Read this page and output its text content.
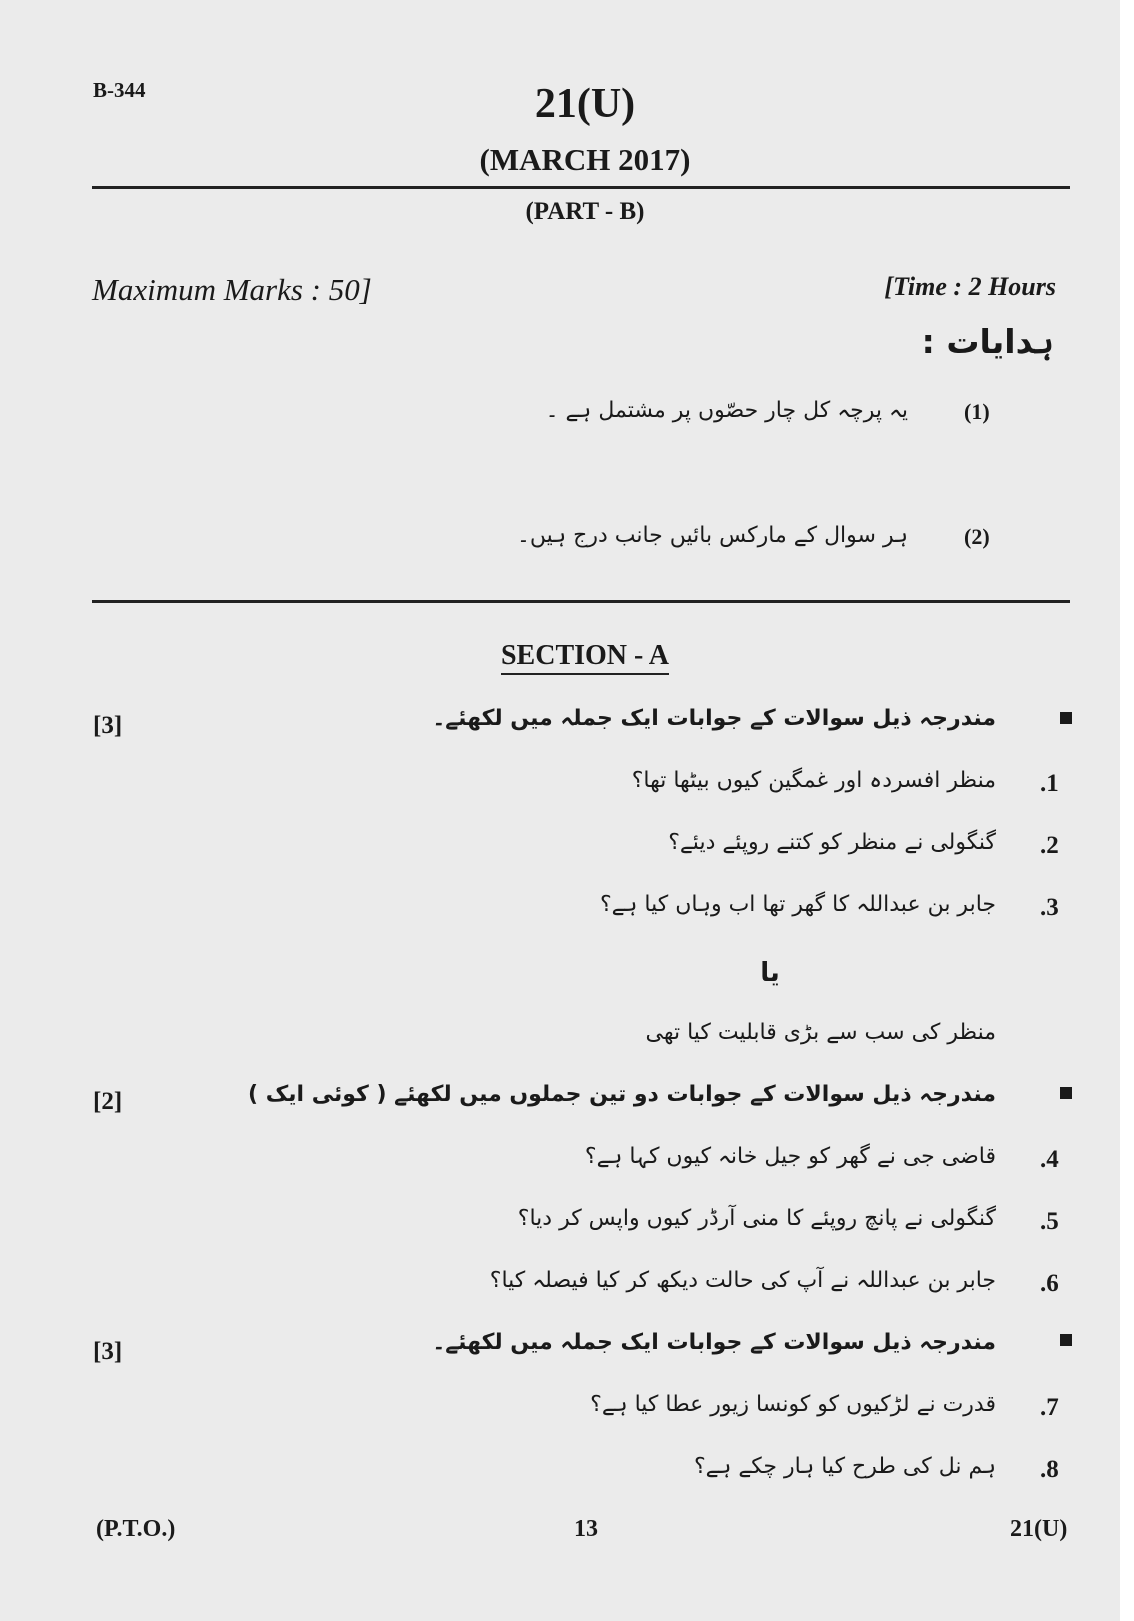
B-344	21(U)
(MARCH 2017)
(PART - B)
Maximum Marks : 50]	[Time : 2 Hours
ہدایات :
(1)
یہ پرچہ کل چار حصّوں پر مشتمل ہے ۔
(2)
ہر سوال کے مارکس بائیں جانب درج ہیں۔
SECTION - A
[3]	مندرجہ ذیل سوالات کے جوابات ایک جملہ میں لکھئے۔
.1
منظر افسردہ اور غمگین کیوں بیٹھا تھا؟
.2
گنگولی نے منظر کو کتنے روپئے دیئے؟
.3
جابر بن عبداللہ کا گھر تھا اب وہاں کیا ہے؟
یا
منظر کی سب سے بڑی قابلیت کیا تھی
[2]	مندرجہ ذیل سوالات کے جوابات دو تین جملوں میں لکھئے ( کوئی ایک )
.4
قاضی جی نے گھر کو جیل خانہ کیوں کہا ہے؟
.5
گنگولی نے پانچ روپئے کا منی آرڈر کیوں واپس کر دیا؟
.6
جابر بن عبداللہ نے آپ کی حالت دیکھ کر کیا فیصلہ کیا؟
[3]	مندرجہ ذیل سوالات کے جوابات ایک جملہ میں لکھئے۔
.7
قدرت نے لڑکیوں کو کونسا زیور عطا کیا ہے؟
.8
ہم نل کی طرح کیا ہار چکے ہے؟
(P.T.O.)	13	21(U)
